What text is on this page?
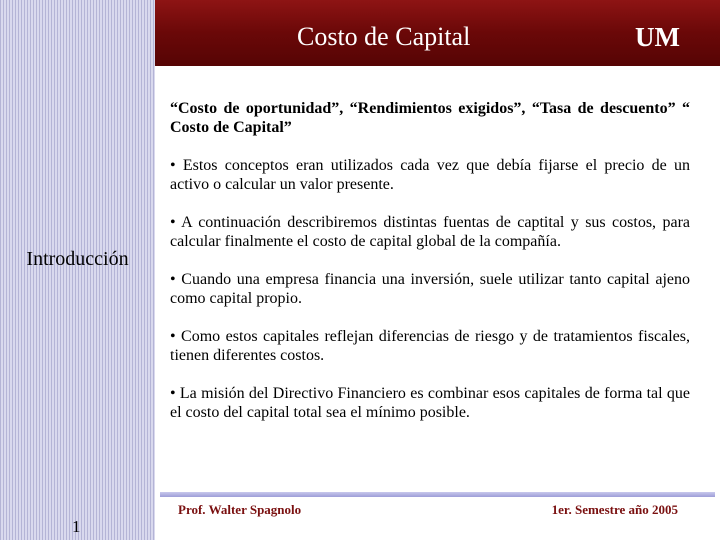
Introducción
1
Costo de Capital	UM

“Costo de oportunidad”, “Rendimientos exigidos”, “Tasa de descuento” “ Costo de Capital”

• Estos conceptos eran utilizados cada vez que debía fijarse el precio de un activo o calcular un valor presente.

• A continuación describiremos distintas fuentas de captital y sus costos, para calcular finalmente el costo de capital global de la compañía.

• Cuando una empresa financia una inversión, suele utilizar tanto capital ajeno como capital propio.

• Como estos capitales reflejan diferencias de riesgo y de tratamientos fiscales, tienen diferentes costos.

• La misión del Directivo Financiero es combinar esos capitales de forma tal que el costo del capital total sea el mínimo posible.

Prof. Walter Spagnolo	1er. Semestre año 2005
